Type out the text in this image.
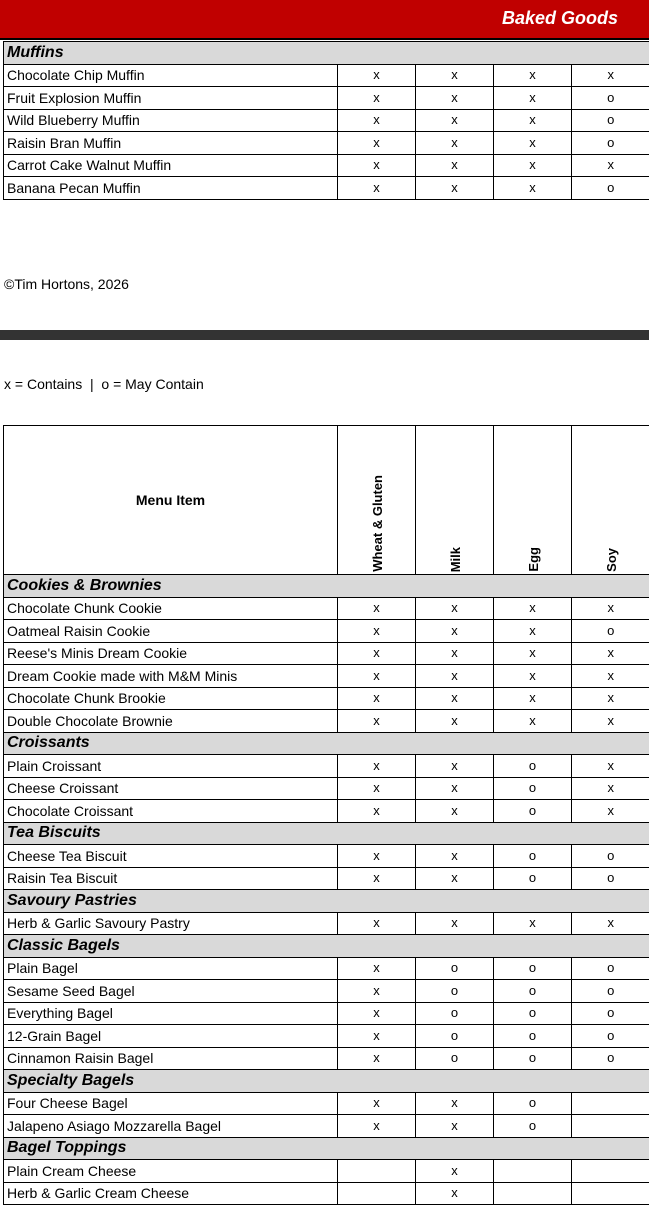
Baked Goods
Muffins				
Chocolate Chip Muffin	x	x	x	x
Fruit Explosion Muffin	x	x	x	o
Wild Blueberry Muffin	x	x	x	o
Raisin Bran Muffin	x	x	x	o
Carrot Cake Walnut Muffin	x	x	x	x
Banana Pecan Muffin	x	x	x	o
©Tim Hortons, 2026
x = Contains  |  o = May Contain
Menu Item	Wheat & Gluten	Milk	Egg	Soy

Cookies & Brownies				
Chocolate Chunk Cookie	x	x	x	x
Oatmeal Raisin Cookie	x	x	x	o
Reese's Minis Dream Cookie	x	x	x	x
Dream Cookie made with M&M Minis	x	x	x	x
Chocolate Chunk Brookie	x	x	x	x
Double Chocolate Brownie	x	x	x	x
Croissants				
Plain Croissant	x	x	o	x
Cheese Croissant	x	x	o	x
Chocolate Croissant	x	x	o	x
Tea Biscuits				
Cheese Tea Biscuit	x	x	o	o
Raisin Tea Biscuit	x	x	o	o
Savoury Pastries				
Herb & Garlic Savoury Pastry	x	x	x	x
Classic Bagels				
Plain Bagel	x	o	o	o
Sesame Seed Bagel	x	o	o	o
Everything Bagel	x	o	o	o
12-Grain Bagel	x	o	o	o
Cinnamon Raisin Bagel	x	o	o	o
Specialty Bagels				
Four Cheese Bagel	x	x	o	
Jalapeno Asiago Mozzarella Bagel	x	x	o	
Bagel Toppings				
Plain Cream Cheese		x		
Herb & Garlic Cream Cheese		x		
